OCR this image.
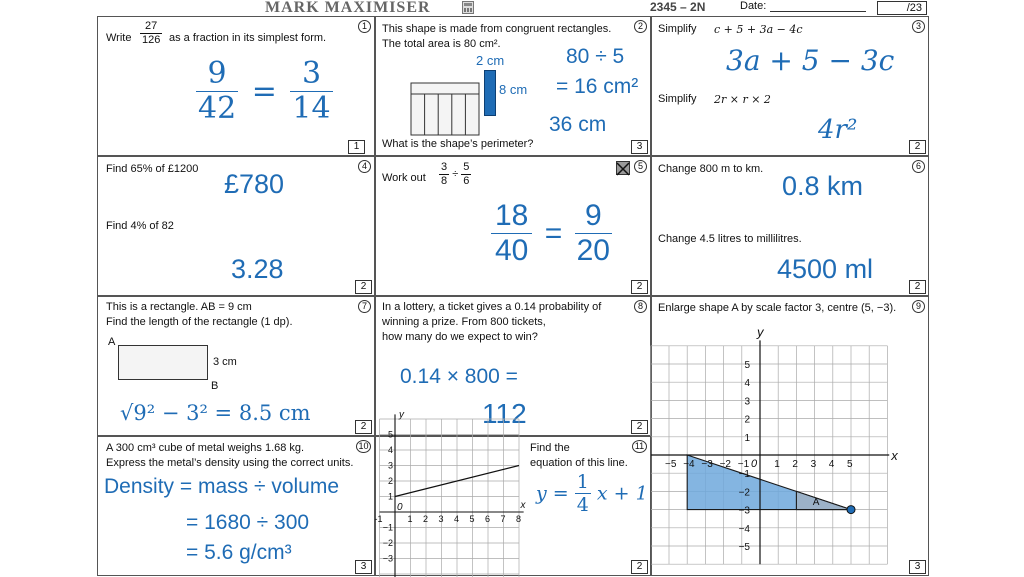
MARK MAXIMISER	2345 – 2N	Date:	/23
1
Write $\frac{27}{126}$ as a fraction in its simplest form.
$\frac{9}{42} = \frac{3}{14}$
1
2
This shape is made from congruent rectangles.
The total area is 80 cm².
2 cm
8 cm
80 ÷ 5
= 16 cm²
36 cm
What is the shape’s perimeter?	3
3
Simplify c + 5 + 3a − 4c
3a + 5 − 3c
Simplify 2r × r × 2
4r²
2
4
Find 65% of £1200 £780
Find 4% of 82
3.28
2
5
Work out $\frac{3}{8} \div \frac{5}{6}$
$\frac{18}{40} = \frac{9}{20}$
2
6
Change 800 m to km.
0.8 km
Change 4.5 litres to millilitres.
4500 ml
2
7
This is a rectangle. AB = 9 cm
Find the length of the rectangle (1 dp).
A
3 cm
B
√9² − 3² = 8.5 cm
2
8
In a lottery, a ticket gives a 0.14 probability of
winning a prize. From 800 tickets,
how many do we expect to win?
0.14 × 800 =
112	2
9
Enlarge shape A by scale factor 3, centre (5, −3).
A
x
y
0
−5 −4 −3 −2 −1 1 2 3 4 5
5
4
3
2
1
−1
−2
−3
−4
−5
3
10
A 300 cm³ cube of metal weighs 1.68 kg.
Express the metal’s density using the correct units.
Density = mass ÷ volume
= 1680 ÷ 300
= 5.6 g/cm³
3
11
x
y
0
1 2 3 4 5 6 7 8
-1
5
4
3
2
1
−1
−2
−3
Find the
equation of this line.
$y = \frac{1}{4}$ x + 1
2
